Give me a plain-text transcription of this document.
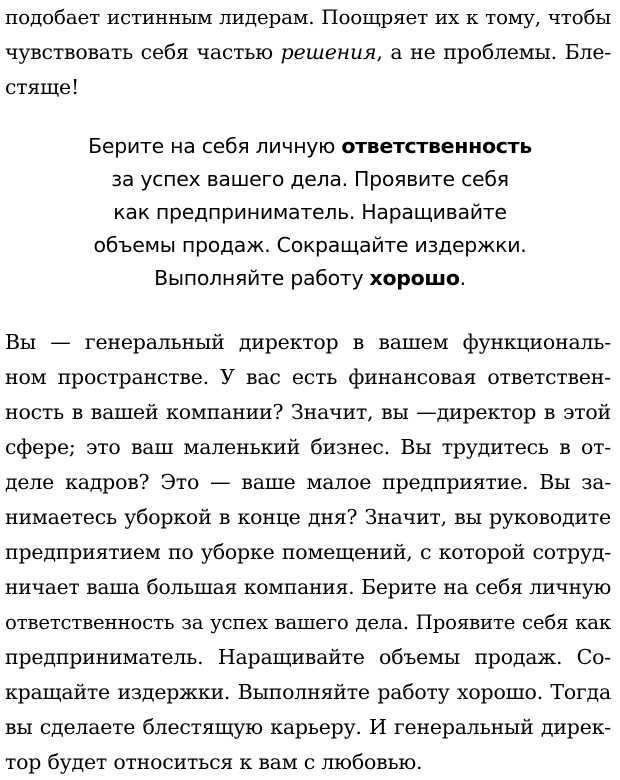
подобает истинным лидерам. Поощряет их к тому, чтобы
чувствовать себя частью решения, а не проблемы. Бле-
стяще!
Берите на себя личную ответственность
за успех вашего дела. Проявите себя
как предприниматель. Наращивайте
объемы продаж. Сокращайте издержки.
Выполняйте работу хорошо.
Вы — генеральный директор в вашем функциональ-
ном пространстве. У вас есть финансовая ответствен-
ность в вашей компании? Значит, вы —директор в этой
сфере; это ваш маленький бизнес. Вы трудитесь в от-
деле кадров? Это — ваше малое предприятие. Вы за-
нимаетесь уборкой в конце дня? Значит, вы руководите
предприятием по уборке помещений, с которой сотруд-
ничает ваша большая компания. Берите на себя личную
ответственность за успех вашего дела. Проявите себя как
предприниматель. Наращивайте объемы продаж. Со-
кращайте издержки. Выполняйте работу хорошо. Тогда
вы сделаете блестящую карьеру. И генеральный дирек-
тор будет относиться к вам с любовью.
